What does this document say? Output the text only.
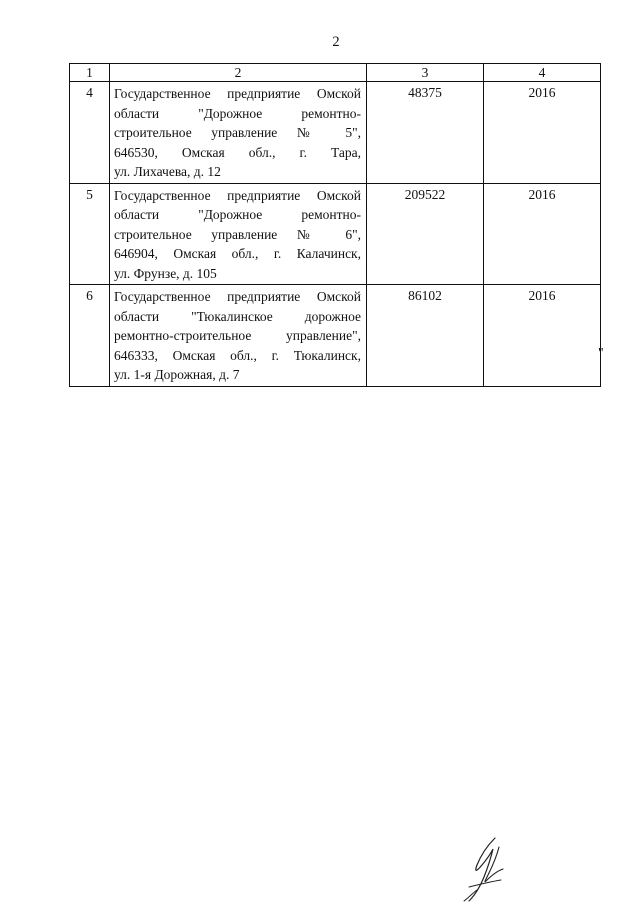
2
1	2	3	4
4	Государственное предприятие Омской
области "Дорожное ремонтно-
строительное управление № 5",
646530, Омская обл., г. Тара,
ул. Лихачева, д. 12	48375	2016
5	Государственное предприятие Омской
области "Дорожное ремонтно-
строительное управление № 6",
646904, Омская обл., г. Калачинск,
ул. Фрунзе, д. 105	209522	2016
6	Государственное предприятие Омской
области "Тюкалинское дорожное
ремонтно-строительное управление",
646333, Омская обл., г. Тюкалинск,
ул. 1-я Дорожная, д. 7	86102	2016
"
